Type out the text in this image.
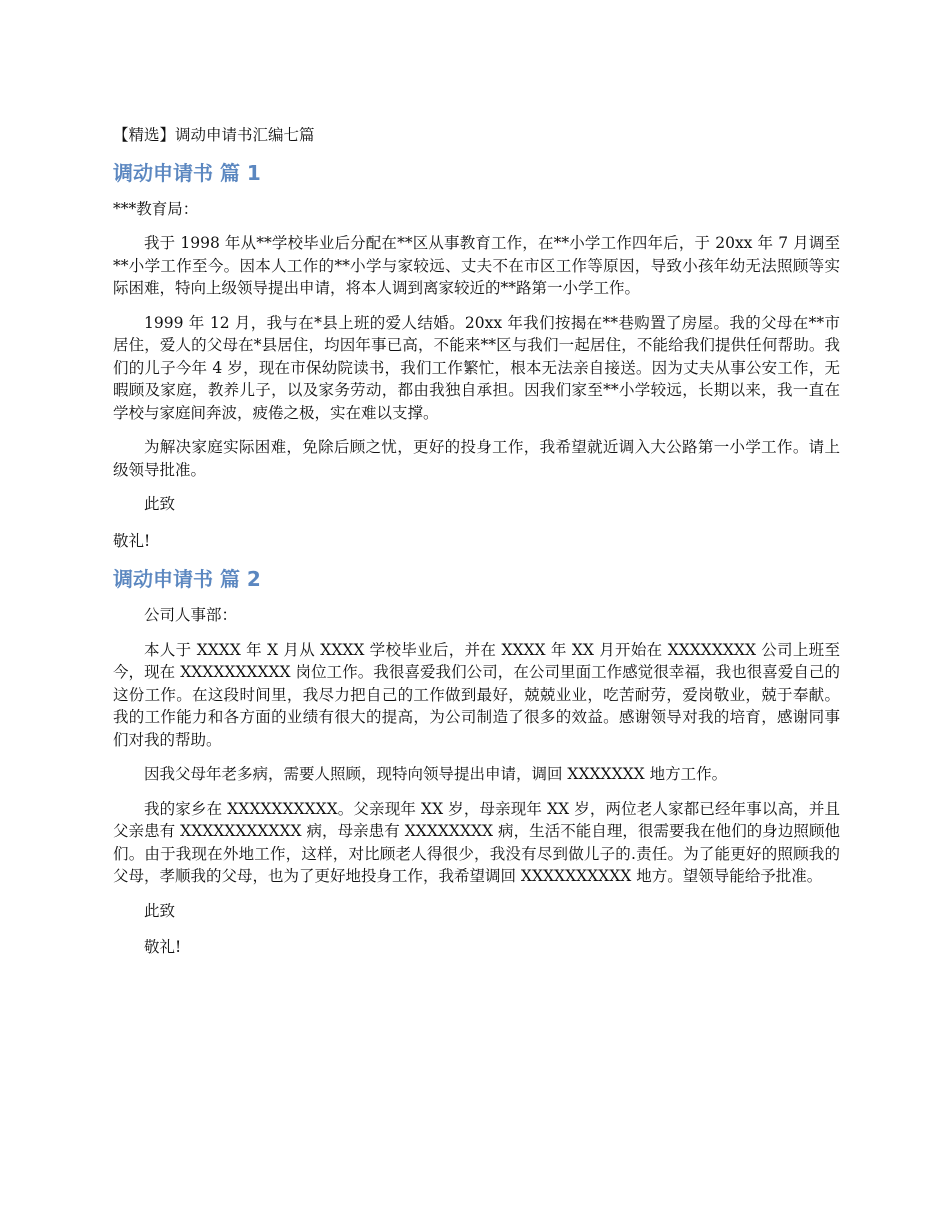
【精选】调动申请书汇编七篇
调动申请书 篇 1

***教育局：

我于 1998 年从**学校毕业后分配在**区从事教育工作，在**小学工作四年后，于 20xx 年 7 月调至**小学工作至今。因本人工作的**小学与家较远、丈夫不在市区工作等原因，导致小孩年幼无法照顾等实际困难，特向上级领导提出申请，将本人调到离家较近的**路第一小学工作。

1999 年 12 月，我与在*县上班的爱人结婚。20xx 年我们按揭在**巷购置了房屋。我的父母在**市居住，爱人的父母在*县居住，均因年事已高，不能来**区与我们一起居住，不能给我们提供任何帮助。我们的儿子今年 4 岁，现在市保幼院读书，我们工作繁忙，根本无法亲自接送。因为丈夫从事公安工作，无暇顾及家庭，教养儿子，以及家务劳动，都由我独自承担。因我们家至**小学较远，长期以来，我一直在学校与家庭间奔波，疲倦之极，实在难以支撑。

为解决家庭实际困难，免除后顾之忧，更好的投身工作，我希望就近调入大公路第一小学工作。请上级领导批准。

此致

敬礼!

调动申请书 篇 2

公司人事部：

本人于 XXXX 年 X 月从 XXXX 学校毕业后，并在 XXXX 年 XX 月开始在 XXXXXXXX 公司上班至今，现在 XXXXXXXXXX 岗位工作。我很喜爱我们公司，在公司里面工作感觉很幸福，我也很喜爱自己的这份工作。在这段时间里，我尽力把自己的工作做到最好，兢兢业业，吃苦耐劳，爱岗敬业，兢于奉献。我的工作能力和各方面的业绩有很大的提高，为公司制造了很多的效益。感谢领导对我的培育，感谢同事们对我的帮助。

因我父母年老多病，需要人照顾，现特向领导提出申请，调回 XXXXXXX 地方工作。

我的家乡在 XXXXXXXXXX。父亲现年 XX 岁，母亲现年 XX 岁，两位老人家都已经年事以高，并且父亲患有 XXXXXXXXXXX 病，母亲患有 XXXXXXXX 病，生活不能自理，很需要我在他们的身边照顾他们。由于我现在外地工作，这样，对比顾老人得很少，我没有尽到做儿子的.责任。为了能更好的照顾我的父母，孝顺我的父母，也为了更好地投身工作，我希望调回 XXXXXXXXXX 地方。望领导能给予批准。

此致

敬礼!
